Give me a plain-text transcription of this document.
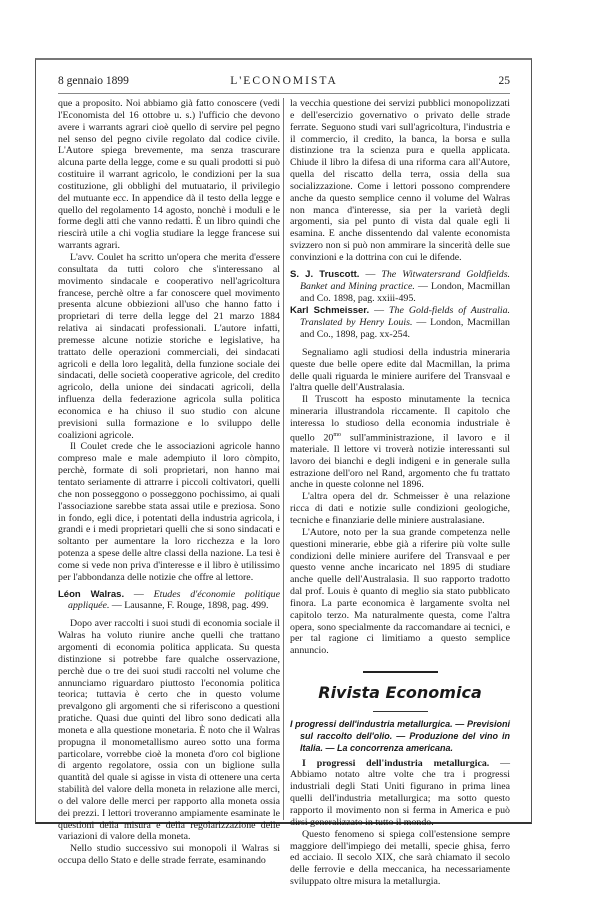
8 gennaio 1899	L'ECONOMISTA	25

que a proposito. Noi abbiamo già fatto conoscere (vedi l'Economista del 16 ottobre u. s.) l'ufficio che devono avere i warrants agrari cioè quello di servire pel pegno nel senso del pegno civile regolato dal codice civile. L'Autore spiega brevemente, ma senza trascurare alcuna parte della legge, come e su quali prodotti si può costituire il warrant agricolo, le condizioni per la sua costituzione, gli obblighi del mutuatario, il privilegio del mutuante ecc. In appendice dà il testo della legge e quello del regolamento 14 agosto, nonchè i moduli e le forme degli atti che vanno redatti. È un libro quindi che riescirà utile a chi voglia studiare la legge francese sui warrants agrari.

L'avv. Coulet ha scritto un'opera che merita d'essere consultata da tutti coloro che s'interessano al movimento sindacale e cooperativo nell'agricoltura francese, perchè oltre a far conoscere quel movimento presenta alcune obbiezioni all'uso che hanno fatto i proprietari di terre della legge del 21 marzo 1884 relativa ai sindacati professionali. L'autore infatti, premesse alcune notizie storiche e legislative, ha trattato delle operazioni commerciali, dei sindacati agricoli e della loro legalità, della funzione sociale dei sindacati, delle società cooperative agricole, del credito agricolo, della unione dei sindacati agricoli, della influenza della federazione agricola sulla politica economica e ha chiuso il suo studio con alcune previsioni sulla formazione e lo sviluppo delle coalizioni agricole.

Il Coulet crede che le associazioni agricole hanno compreso male e male adempiuto il loro còmpito, perchè, formate di soli proprietari, non hanno mai tentato seriamente di attrarre i piccoli coltivatori, quelli che non posseggono o posseggono pochissimo, ai quali l'associazione sarebbe stata assai utile e preziosa. Sono in fondo, egli dice, i potentati della industria agricola, i grandi e i medi proprietari quelli che si sono sindacati e soltanto per aumentare la loro ricchezza e la loro potenza a spese delle altre classi della nazione. La tesi è come si vede non priva d'interesse e il libro è utilissimo per l'abbondanza delle notizie che offre al lettore.

Léon Walras. — Etudes d'économie politique appliquée. — Lausanne, F. Rouge, 1898, pag. 499.

Dopo aver raccolti i suoi studi di economia sociale il Walras ha voluto riunire anche quelli che trattano argomenti di economia politica applicata. Su questa distinzione si potrebbe fare qualche osservazione, perchè due o tre dei suoi studi raccolti nel volume che annunciamo riguardaro piuttosto l'economia politica teorica; tuttavia è certo che in questo volume prevalgono gli argomenti che si riferiscono a questioni pratiche. Quasi due quinti del libro sono dedicati alla moneta e alla questione monetaria. È noto che il Walras propugna il monometallismo aureo sotto una forma particolare, vorrebbe cioè la moneta d'oro col biglione di argento regolatore, ossia con un biglione sulla quantità del quale si agisse in vista di ottenere una certa stabilità del valore della moneta in relazione alle merci, o del valore delle merci per rapporto alla moneta ossia dei prezzi. I lettori troveranno ampiamente esaminate le questioni della misura e della regolarizzazione delle variazioni di valore della moneta.

Nello studio successivo sui monopoli il Walras si occupa dello Stato e delle strade ferrate, esaminando

la vecchia questione dei servizi pubblici monopolizzati e dell'esercizio governativo o privato delle strade ferrate. Seguono studi vari sull'agricoltura, l'industria e il commercio, il credito, la banca, la borsa e sulla distinzione tra la scienza pura e quella applicata. Chiude il libro la difesa di una riforma cara all'Autore, quella del riscatto della terra, ossia della sua socializzazione. Come i lettori possono comprendere anche da questo semplice cenno il volume del Walras non manca d'interesse, sia per la varietà degli argomenti, sia pel punto di vista dal quale egli li esamina. E anche dissentendo dal valente economista svizzero non si può non ammirare la sincerità delle sue convinzioni e la dottrina con cui le difende.

S. J. Truscott. — The Witwatersrand Goldfields. Banket and Mining practice. — London, Macmillan and Co. 1898, pag. xxiii-495.

Karl Schmeisser. — The Gold-fields of Australia. Translated by Henry Louis. — London, Macmillan and Co., 1898, pag. xx-254.

Segnaliamo agli studiosi della industria mineraria queste due belle opere edite dal Macmillan, la prima delle quali riguarda le miniere aurifere del Transvaal e l'altra quelle dell'Australasia.

Il Truscott ha esposto minutamente la tecnica mineraria illustrandola riccamente. Il capitolo che interessa lo studioso della economia industriale è quello $20^{mo}$ sull'amministrazione, il lavoro e il materiale. Il lettore vi troverà notizie interessanti sul lavoro dei bianchi e degli indigeni e in generale sulla estrazione dell'oro nel Rand, argomento che fu trattato anche in queste colonne nel 1896.

L'altra opera del dr. Schmeisser è una relazione ricca di dati e notizie sulle condizioni geologiche, tecniche e finanziarie delle miniere australasiane.

L'Autore, noto per la sua grande competenza nelle questioni minerarie, ebbe già a riferire più volte sulle condizioni delle miniere aurifere del Transvaal e per questo venne anche incaricato nel 1895 di studiare anche quelle dell'Australasia. Il suo rapporto tradotto dal prof. Louis è quanto di meglio sia stato pubblicato finora. La parte economica è largamente svolta nel capitolo terzo. Ma naturalmente questa, come l'altra opera, sono specialmente da raccomandare ai tecnici, e per tal ragione ci limitiamo a questo semplice annuncio.

Rivista Economica

I progressi dell'industria metallurgica. — Previsioni sul raccolto dell'olio. — Produzione del vino in Italia. — La concorrenza americana.

I progressi dell'industria metallurgica. — Abbiamo notato altre volte che tra i progressi industriali degli Stati Uniti figurano in prima linea quelli dell'industria metallurgica; ma sotto questo rapporto il movimento non si ferma in America e può dirsi generalizzato in tutto il mondo.

Questo fenomeno si spiega coll'estensione sempre maggiore dell'impiego dei metalli, specie ghisa, ferro ed acciaio. Il secolo XIX, che sarà chiamato il secolo delle ferrovie e della meccanica, ha necessariamente sviluppato oltre misura la metallurgia.
